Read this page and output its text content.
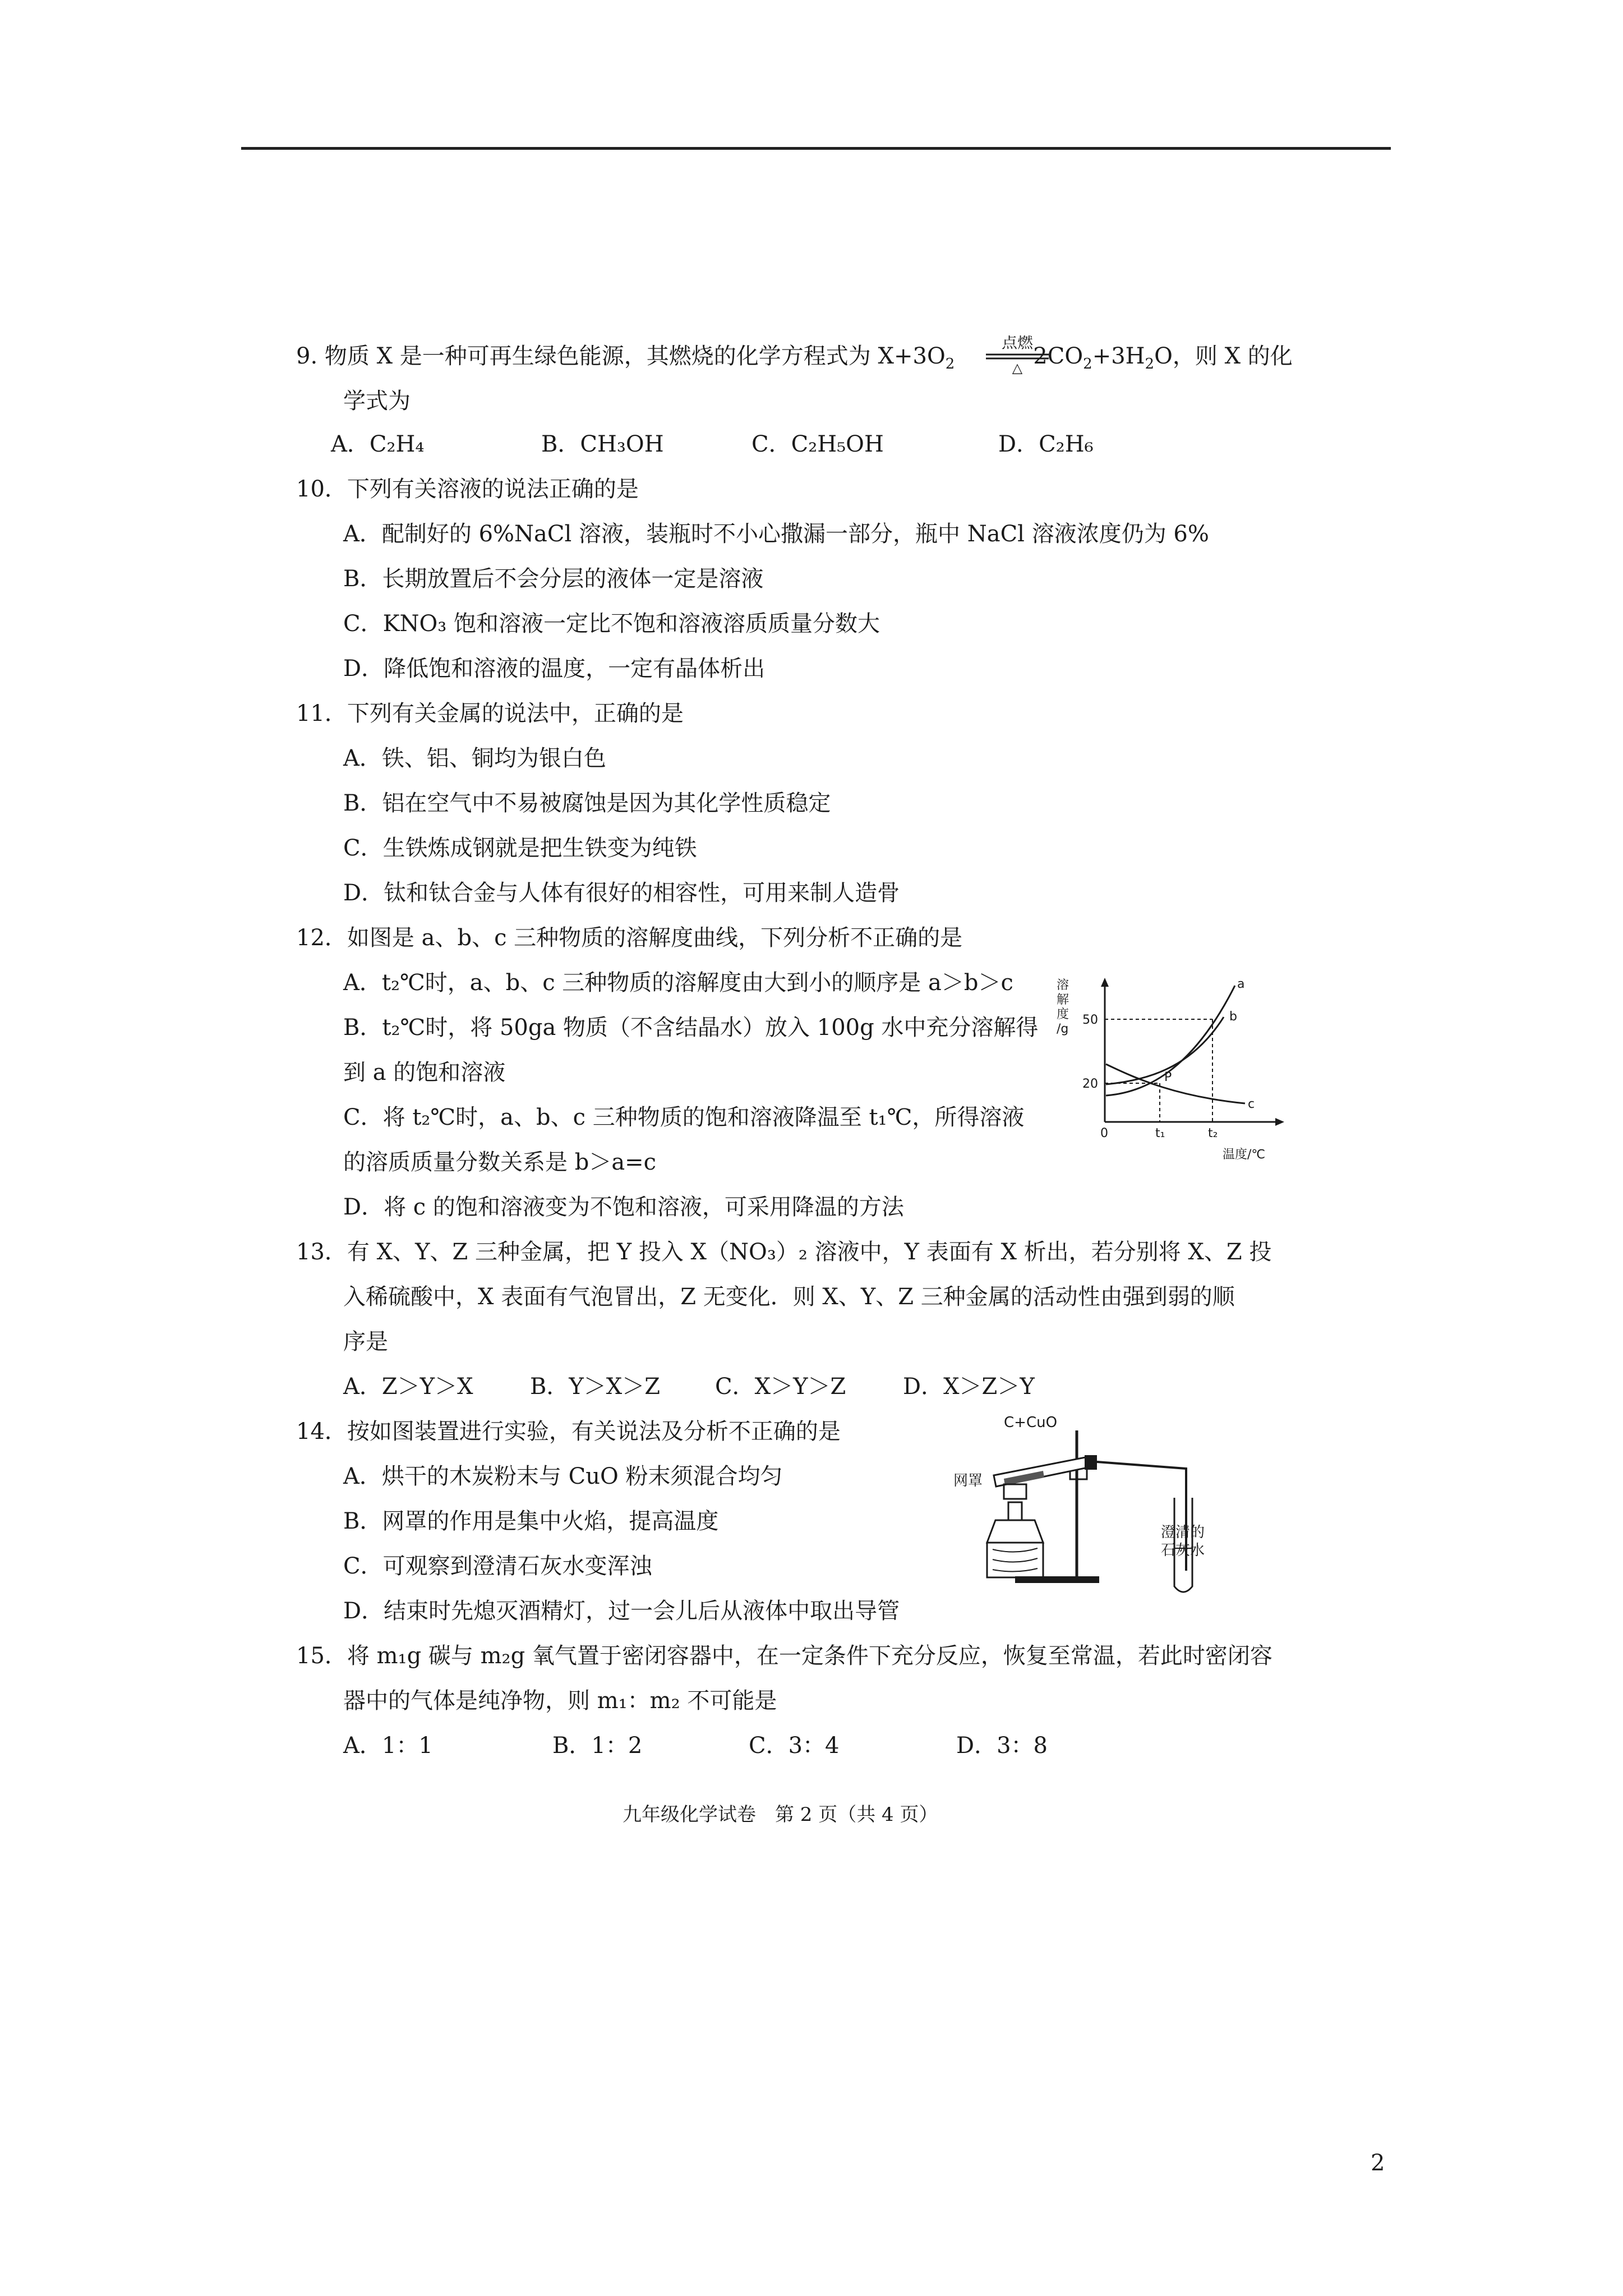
9. 物质 X 是一种可再生绿色能源，其燃烧的化学方程式为 $X+3O_2$	$2CO_2+3H_2O$，则 X 的化
点燃
△
学式为
A．C₂H₄	B．CH₃OH	C．C₂H₅OH	D．C₂H₆
10．下列有关溶液的说法正确的是
A．配制好的 6%NaCl 溶液，装瓶时不小心撒漏一部分，瓶中 NaCl 溶液浓度仍为 6%
B．长期放置后不会分层的液体一定是溶液
C．KNO₃ 饱和溶液一定比不饱和溶液溶质质量分数大
D．降低饱和溶液的温度，一定有晶体析出
11．下列有关金属的说法中，正确的是
A．铁、铝、铜均为银白色
B．铝在空气中不易被腐蚀是因为其化学性质稳定
C．生铁炼成钢就是把生铁变为纯铁
D．钛和钛合金与人体有很好的相容性，可用来制人造骨
12．如图是 a、b、c 三种物质的溶解度曲线，下列分析不正确的是
A．t₂℃时，a、b、c 三种物质的溶解度由大到小的顺序是 a＞b＞c
B．t₂℃时，将 50ga 物质（不含结晶水）放入 100g 水中充分溶解得
到 a 的饱和溶液
C．将 t₂℃时，a、b、c 三种物质的饱和溶液降温至 t₁℃，所得溶液
的溶质质量分数关系是 b＞a=c
D．将 c 的饱和溶液变为不饱和溶液，可采用降温的方法
溶
解
度
/g
a
b
c
P
50
20
0	t₁	t₂
温度/℃
13．有 X、Y、Z 三种金属，把 Y 投入 X（NO₃）₂ 溶液中，Y 表面有 X 析出，若分别将 X、Z 投
入稀硫酸中，X 表面有气泡冒出，Z 无变化．则 X、Y、Z 三种金属的活动性由强到弱的顺
序是
A．Z＞Y＞X	B．Y＞X＞Z C．X＞Y＞Z	D．X＞Z＞Y
14．按如图装置进行实验，有关说法及分析不正确的是
A．烘干的木炭粉末与 CuO 粉末须混合均匀
B．网罩的作用是集中火焰，提高温度
C．可观察到澄清石灰水变浑浊
D．结束时先熄灭酒精灯，过一会儿后从液体中取出导管
C+CuO
网罩
澄清的
石灰水
15．将 m₁g 碳与 m₂g 氧气置于密闭容器中，在一定条件下充分反应，恢复至常温，若此时密闭容
器中的气体是纯净物，则 m₁：m₂ 不可能是
A．1：1	B．1：2	C．3：4	D．3：8
九年级化学试卷　第 2 页（共 4 页）
2
